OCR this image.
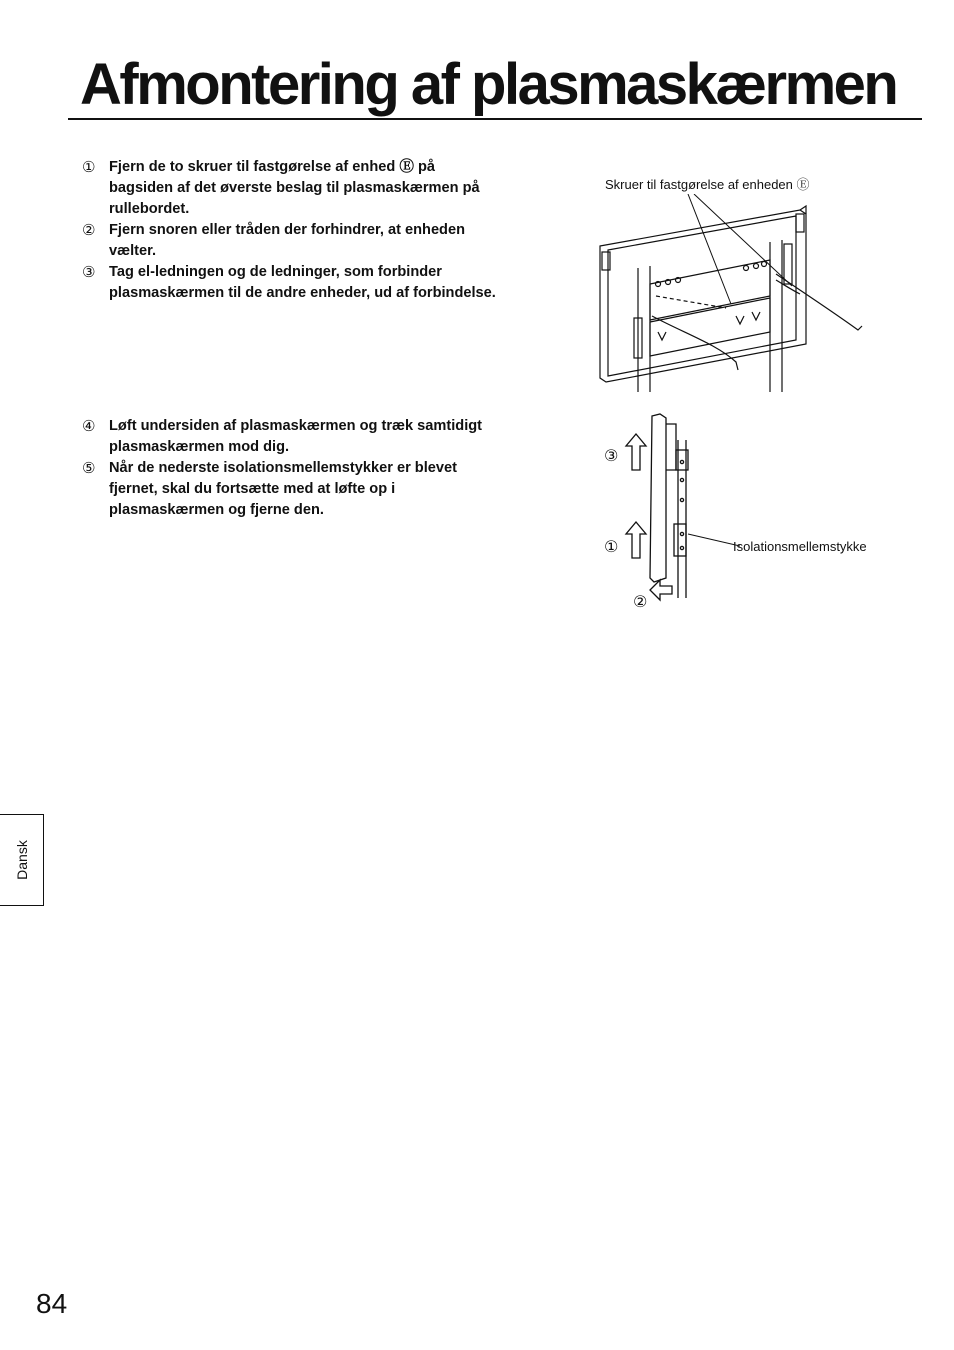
Afmontering af plasmaskærmen
① Fjern de to skruer til fastgørelse af enhed Ⓔ på bagsiden af det øverste beslag til plasmaskærmen på rullebordet.
② Fjern snoren eller tråden der forhindrer, at enheden vælter.
③ Tag el-ledningen og de ledninger, som forbinder plasmaskærmen til de andre enheder, ud af forbindelse.
④ Løft undersiden af plasmaskærmen og træk samtidigt plasmaskærmen mod dig.
⑤ Når de nederste isolationsmellemstykker er blevet fjernet, skal du fortsætte med at løfte op i plasmaskærmen og fjerne den.
Skruer til fastgørelse af enheden Ⓔ
③
①
②
Isolationsmellemstykke
Dansk
84
